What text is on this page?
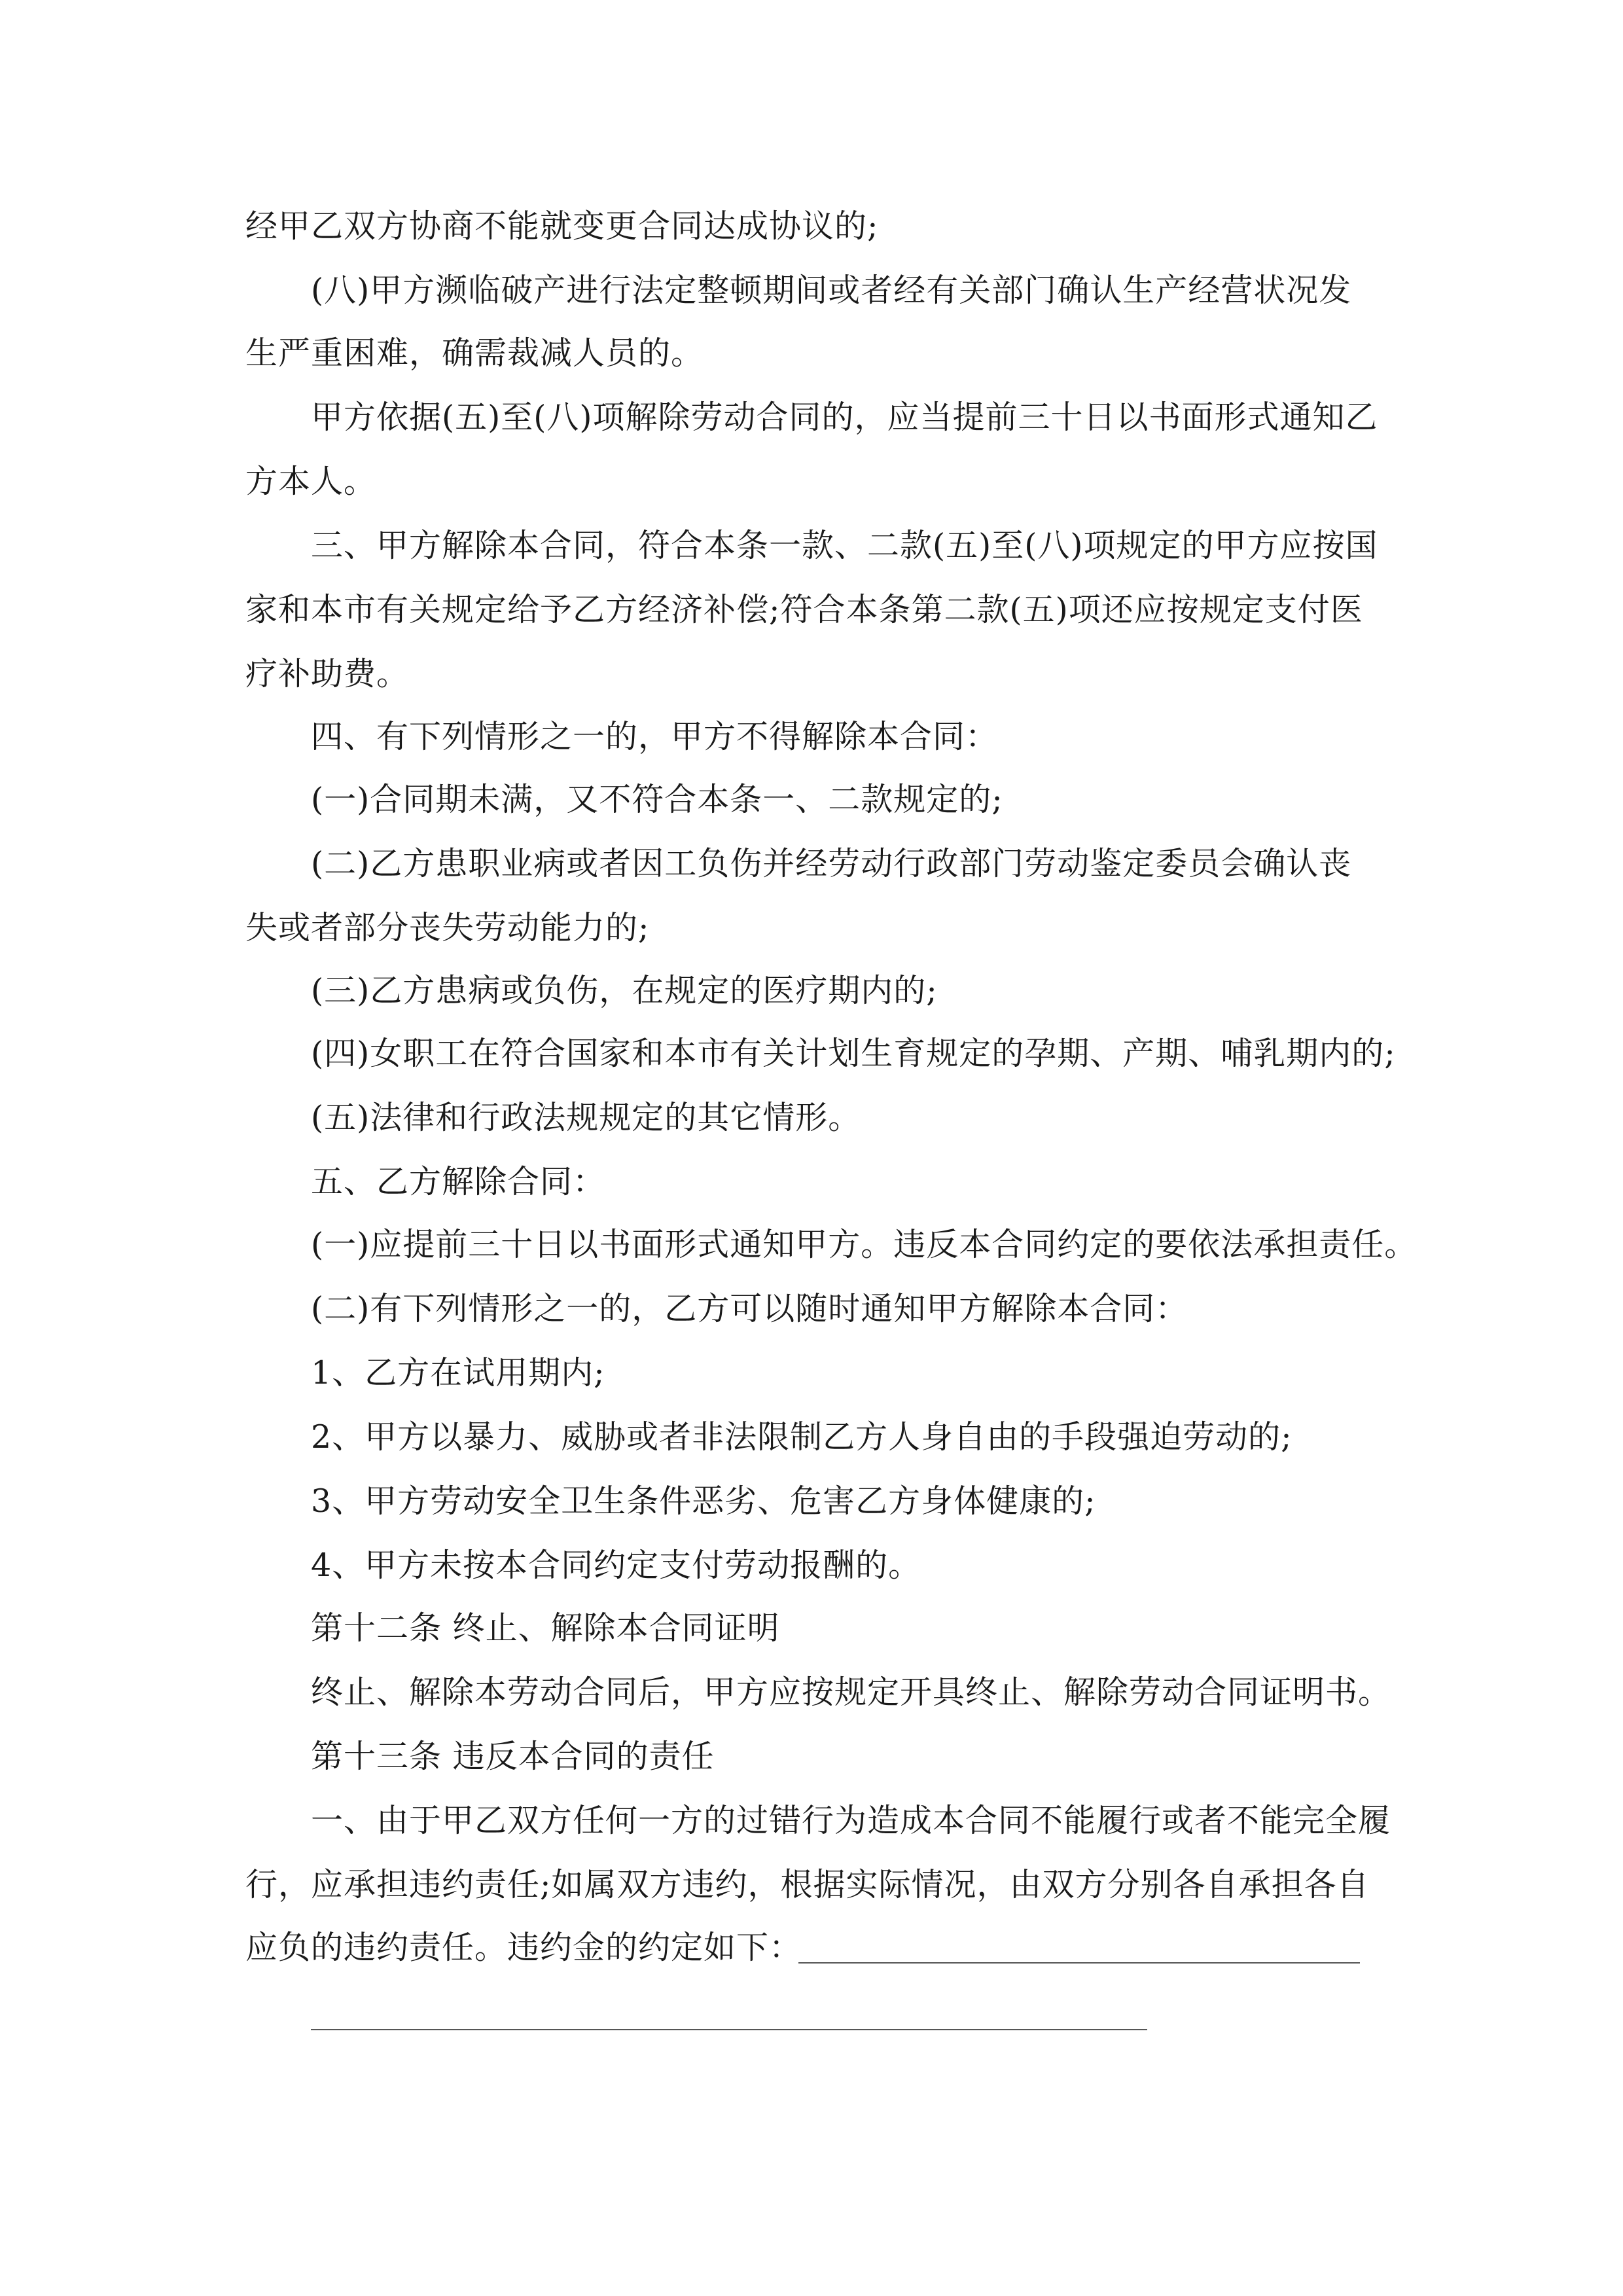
经甲乙双方协商不能就变更合同达成协议的;
(八)甲方濒临破产进行法定整顿期间或者经有关部门确认生产经营状况发
生严重困难，确需裁减人员的。
甲方依据(五)至(八)项解除劳动合同的，应当提前三十日以书面形式通知乙
方本人。
三、甲方解除本合同，符合本条一款、二款(五)至(八)项规定的甲方应按国
家和本市有关规定给予乙方经济补偿;符合本条第二款(五)项还应按规定支付医
疗补助费。
四、有下列情形之一的，甲方不得解除本合同：
(一)合同期未满，又不符合本条一、二款规定的;
(二)乙方患职业病或者因工负伤并经劳动行政部门劳动鉴定委员会确认丧
失或者部分丧失劳动能力的;
(三)乙方患病或负伤，在规定的医疗期内的;
(四)女职工在符合国家和本市有关计划生育规定的孕期、产期、哺乳期内的;
(五)法律和行政法规规定的其它情形。
五、乙方解除合同：
(一)应提前三十日以书面形式通知甲方。违反本合同约定的要依法承担责任。
(二)有下列情形之一的，乙方可以随时通知甲方解除本合同：
1、乙方在试用期内;
2、甲方以暴力、威胁或者非法限制乙方人身自由的手段强迫劳动的;
3、甲方劳动安全卫生条件恶劣、危害乙方身体健康的;
4、甲方未按本合同约定支付劳动报酬的。
第十二条 终止、解除本合同证明
终止、解除本劳动合同后，甲方应按规定开具终止、解除劳动合同证明书。
第十三条 违反本合同的责任
一、由于甲乙双方任何一方的过错行为造成本合同不能履行或者不能完全履
行，应承担违约责任;如属双方违约，根据实际情况，由双方分别各自承担各自
应负的违约责任。违约金的约定如下：
